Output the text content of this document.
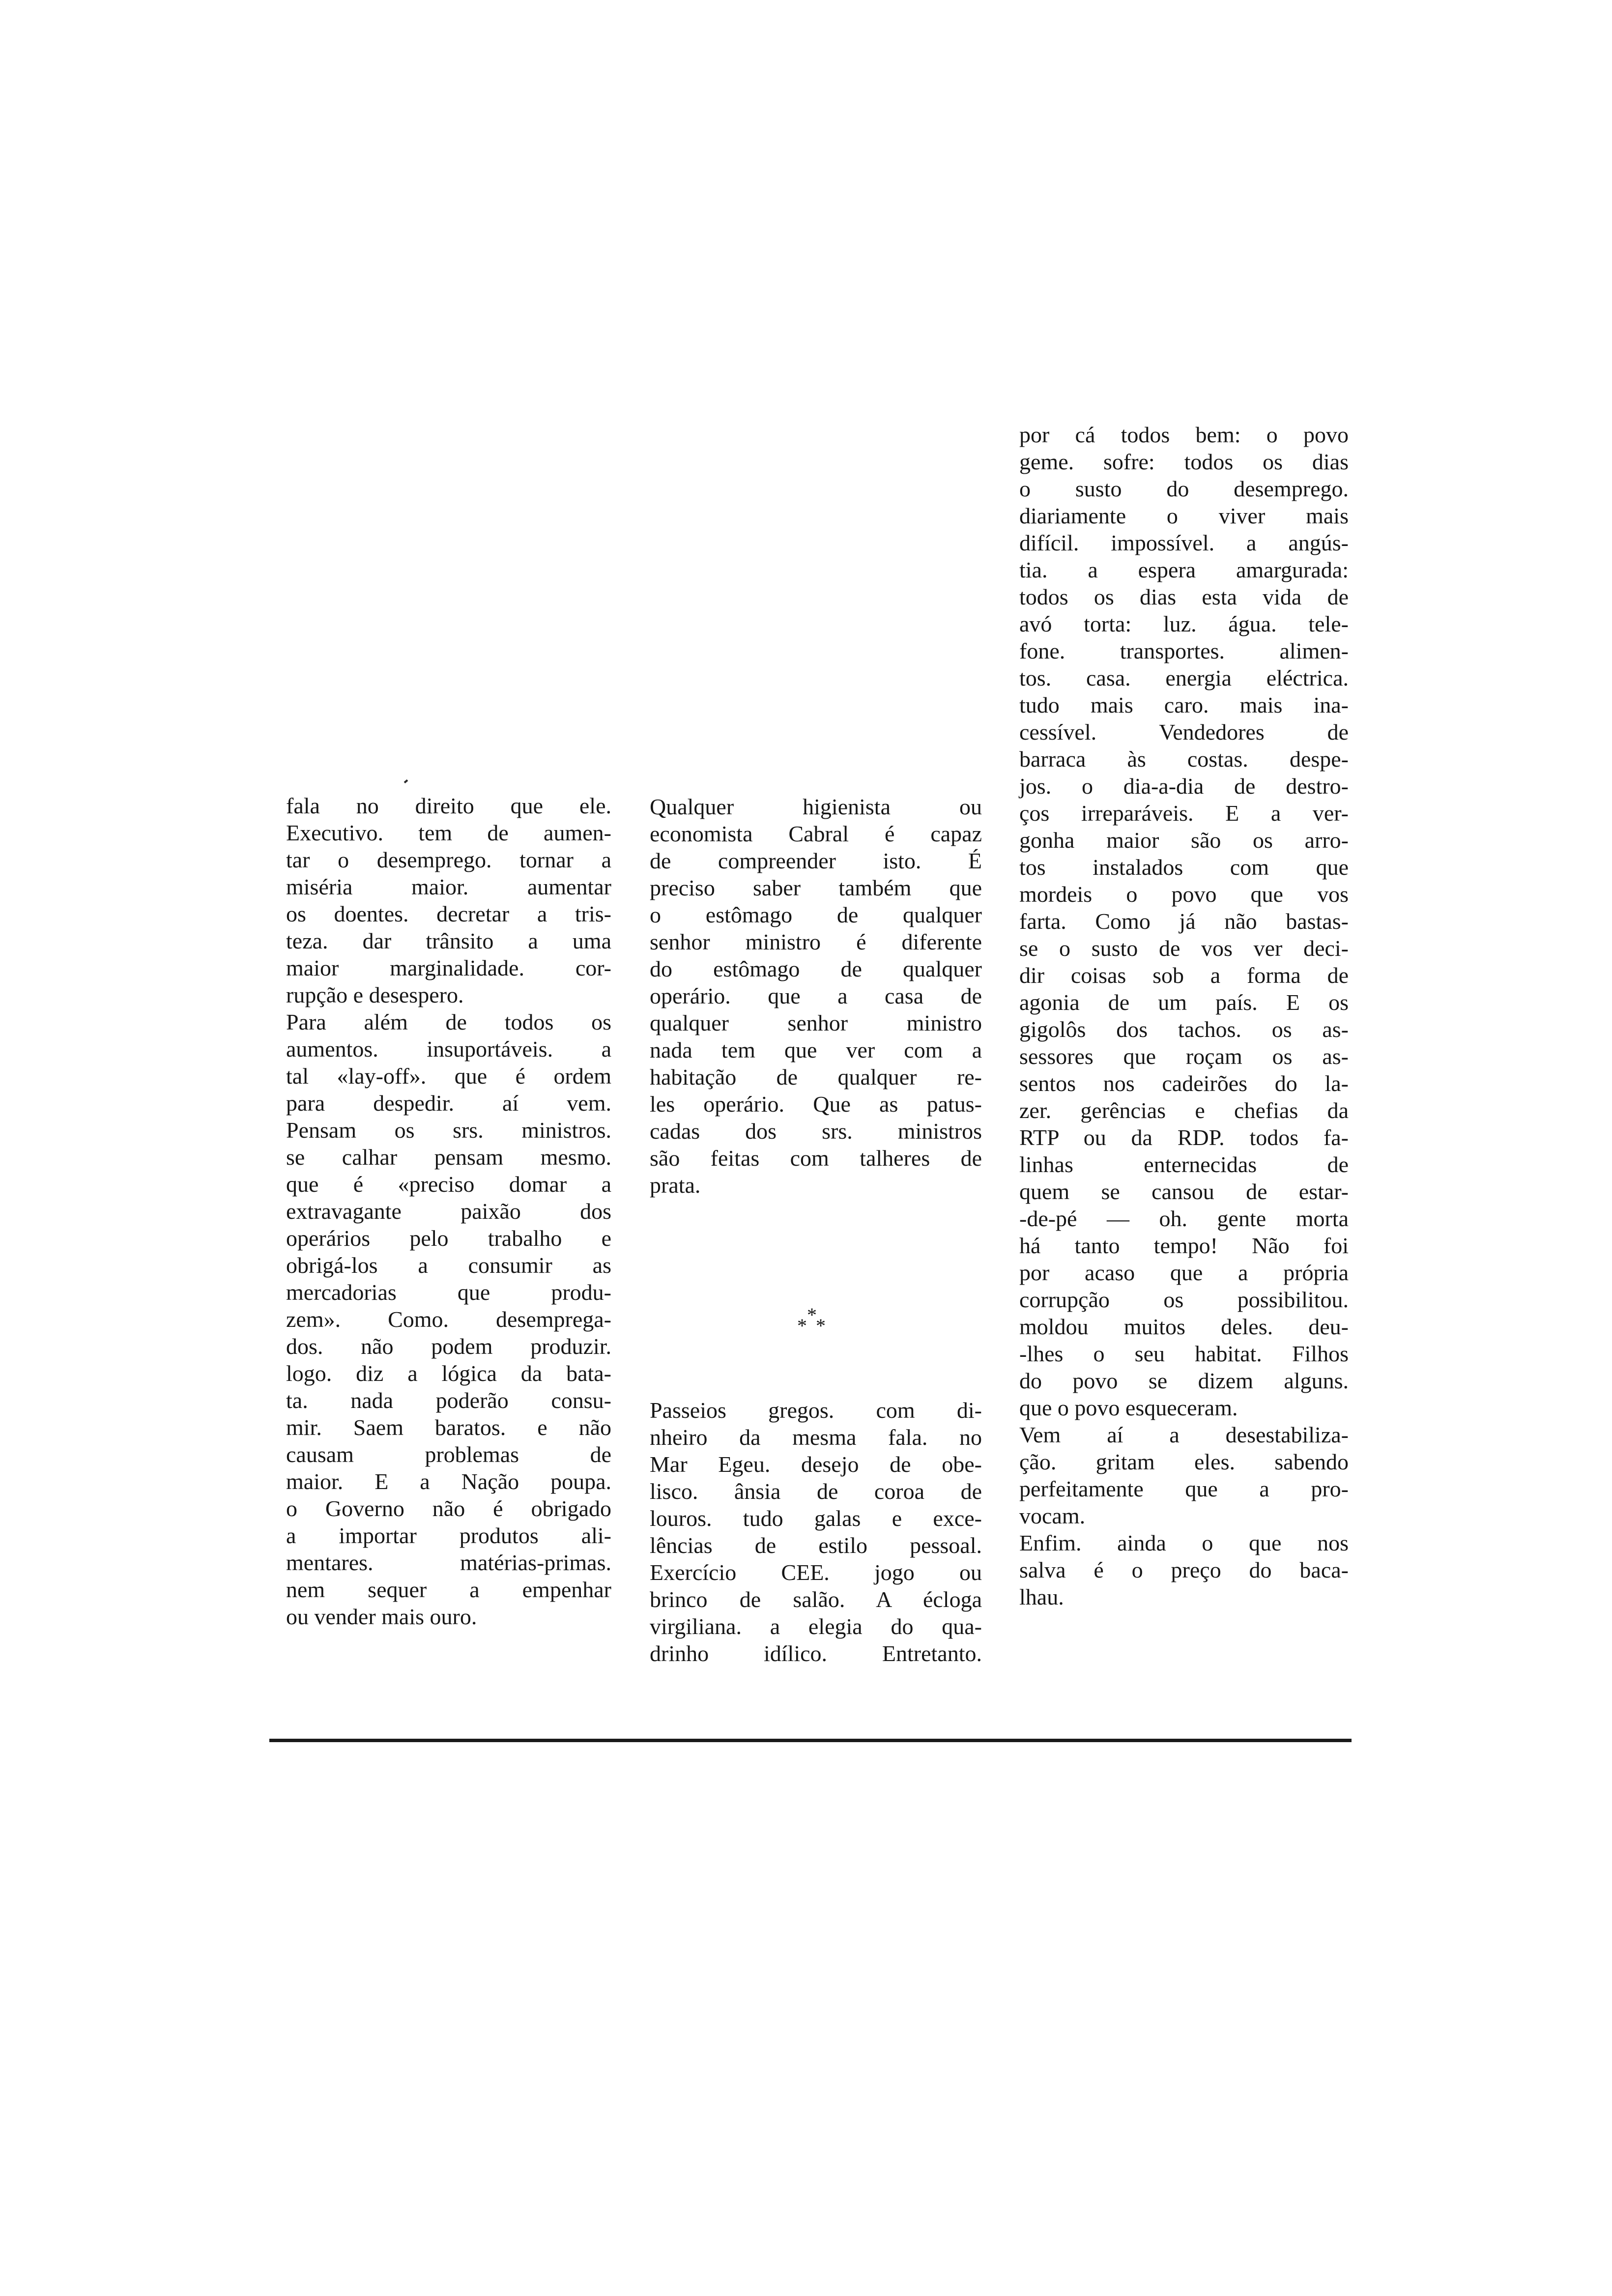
fala no direito que ele.
Executivo. tem de aumen-
tar o desemprego. tornar a
miséria maior. aumentar
os doentes. decretar a tris-
teza. dar trânsito a uma
maior marginalidade. cor-
rupção e desespero.
Para além de todos os
aumentos. insuportáveis. a
tal «lay-off». que é ordem
para despedir. aí vem.
Pensam os srs. ministros.
se calhar pensam mesmo.
que é «preciso domar a
extravagante paixão dos
operários pelo trabalho e
obrigá-los a consumir as
mercadorias que produ-
zem». Como. desempregа-
dos. não podem produzir.
logo. diz a lógica da bata-
ta. nada poderão consu-
mir. Saem baratos. e não
causam problemas de
maior. E a Nação poupa.
o Governo não é obrigado
a importar produtos ali-
mentares. matérias-primas.
nem sequer a empenhar
ou vender mais ouro.
Qualquer higienista ou
economista Cabral é capaz
de compreender isto. É
preciso saber também que
o estômago de qualquer
senhor ministro é diferente
do estômago de qualquer
operário. que a casa de
qualquer senhor ministro
nada tem que ver com a
habitação de qualquer re-
les operário. Que as patus-
cadas dos srs. ministros
são feitas com talheres de
prata.
*
* *
Passeios gregos. com di-
nheiro da mesma fala. no
Mar Egeu. desejo de obe-
lisco. ânsia de coroa de
louros. tudo galas e exce-
lências de estilo pessoal.
Exercício CEE. jogo ou
brinco de salão. A écloga
virgiliana. a elegia do qua-
drinho idílico. Entretanto.
por cá todos bem: o povo
geme. sofre: todos os dias
o susto do desemprego.
diariamente o viver mais
difícil. impossível. a angús-
tia. a espera amargurada:
todos os dias esta vida de
avó torta: luz. água. tele-
fone. transportes. alimen-
tos. casa. energia eléctrica.
tudo mais caro. mais ina-
cessível. Vendedores de
barraca às costas. despe-
jos. o dia-a-dia de destro-
ços irreparáveis. E a ver-
gonha maior são os arro-
tos instalados com que
mordeis o povo que vos
farta. Como já não bastas-
se o susto de vos ver deci-
dir coisas sob a forma de
agonia de um país. E os
gigolôs dos tachos. os as-
sessores que roçam os as-
sentos nos cadeirões do la-
zer. gerências e chefias da
RTP ou da RDP. todos fa-
linhas enternecidas de
quem se cansou de estar-
-de-pé — oh. gente morta
há tanto tempo! Não foi
por acaso que a própria
corrupção os possibilitou.
moldou muitos deles. deu-
-lhes o seu habitat. Filhos
do povo se dizem alguns.
que o povo esqueceram.
Vem aí a desestabiliza-
ção. gritam eles. sabendo
perfeitamente que a pro-
vocam.
Enfim. ainda o que nos
salva é o preço do baca-
lhau.
